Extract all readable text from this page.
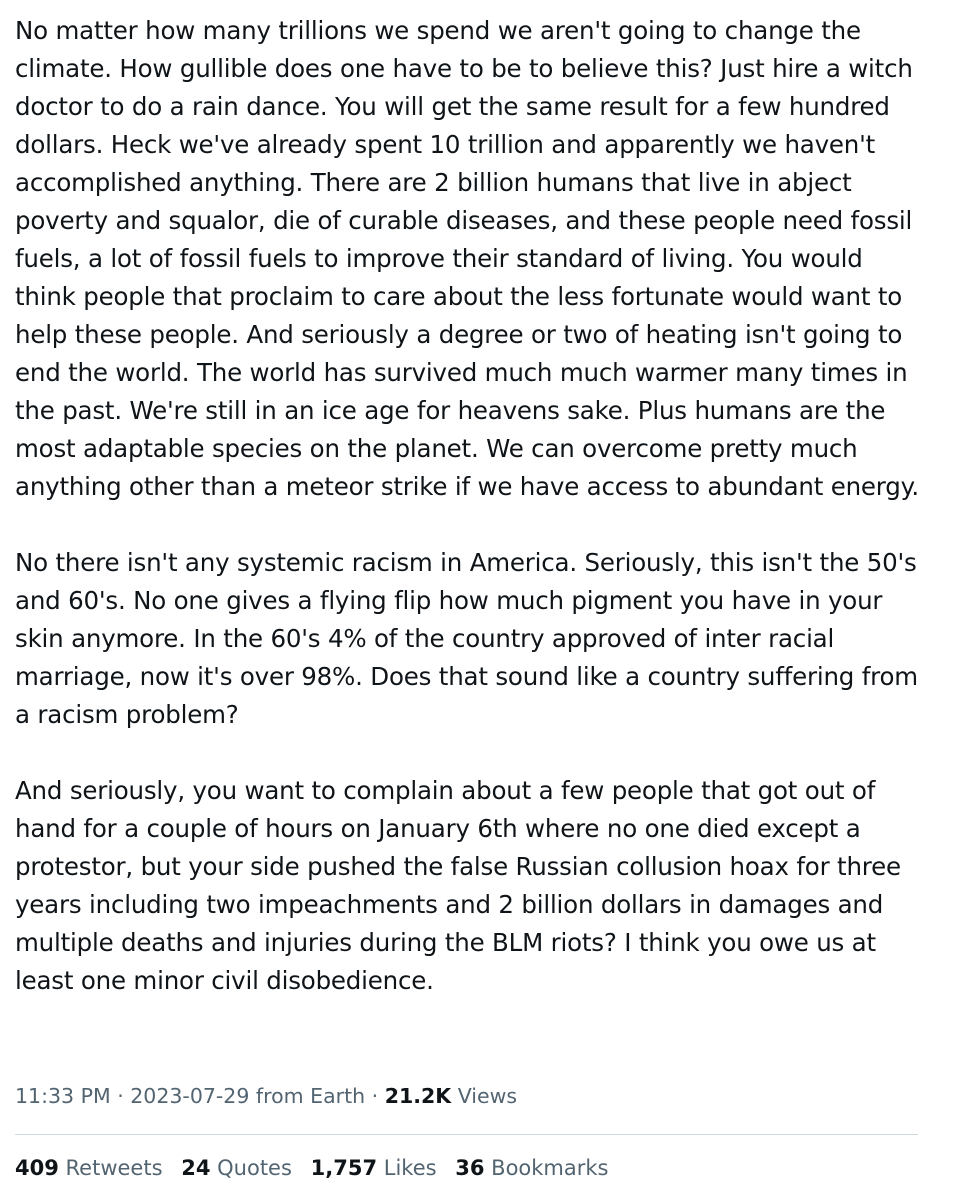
No matter how many trillions we spend we aren't going to change the climate. How gullible does one have to be to believe this? Just hire a witch doctor to do a rain dance. You will get the same result for a few hundred dollars. Heck we've already spent 10 trillion and apparently we haven't accomplished anything. There are 2 billion humans that live in abject poverty and squalor, die of curable diseases, and these people need fossil fuels, a lot of fossil fuels to improve their standard of living. You would think people that proclaim to care about the less fortunate would want to help these people. And seriously a degree or two of heating isn't going to end the world. The world has survived much much warmer many times in the past. We're still in an ice age for heavens sake. Plus humans are the most adaptable species on the planet. We can overcome pretty much anything other than a meteor strike if we have access to abundant energy.

No there isn't any systemic racism in America. Seriously, this isn't the 50's and 60's. No one gives a flying flip how much pigment you have in your skin anymore. In the 60's 4% of the country approved of inter racial marriage, now it's over 98%. Does that sound like a country suffering from a racism problem?

And seriously, you want to complain about a few people that got out of hand for a couple of hours on January 6th where no one died except a protestor, but your side pushed the false Russian collusion hoax for three years including two impeachments and 2 billion dollars in damages and multiple deaths and injuries during the BLM riots? I think you owe us at least one minor civil disobedience.

11:33 PM · 2023-07-29 from Earth · 21.2K Views
409 Retweets 24 Quotes 1,757 Likes 36 Bookmarks
